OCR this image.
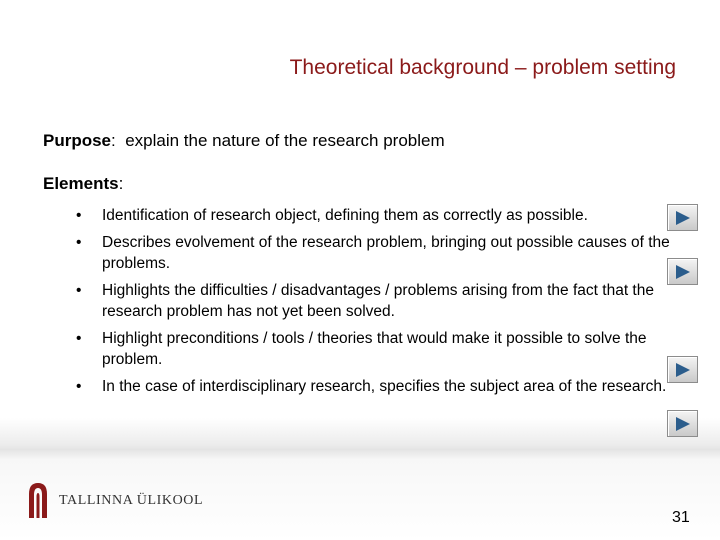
Theoretical background – problem setting
Purpose:  explain the nature of the research problem
Elements:
• Identification of research object, defining them as correctly as possible.
• Describes evolvement of the research problem, bringing out possible causes of the problems.
• Highlights the difficulties / disadvantages / problems arising from the fact that the research problem has not yet been solved.
• Highlight preconditions / tools / theories that would make it possible to solve the problem.
• In the case of interdisciplinary research, specifies the subject area of the research.
TALLINNA ÜLIKOOL
31
